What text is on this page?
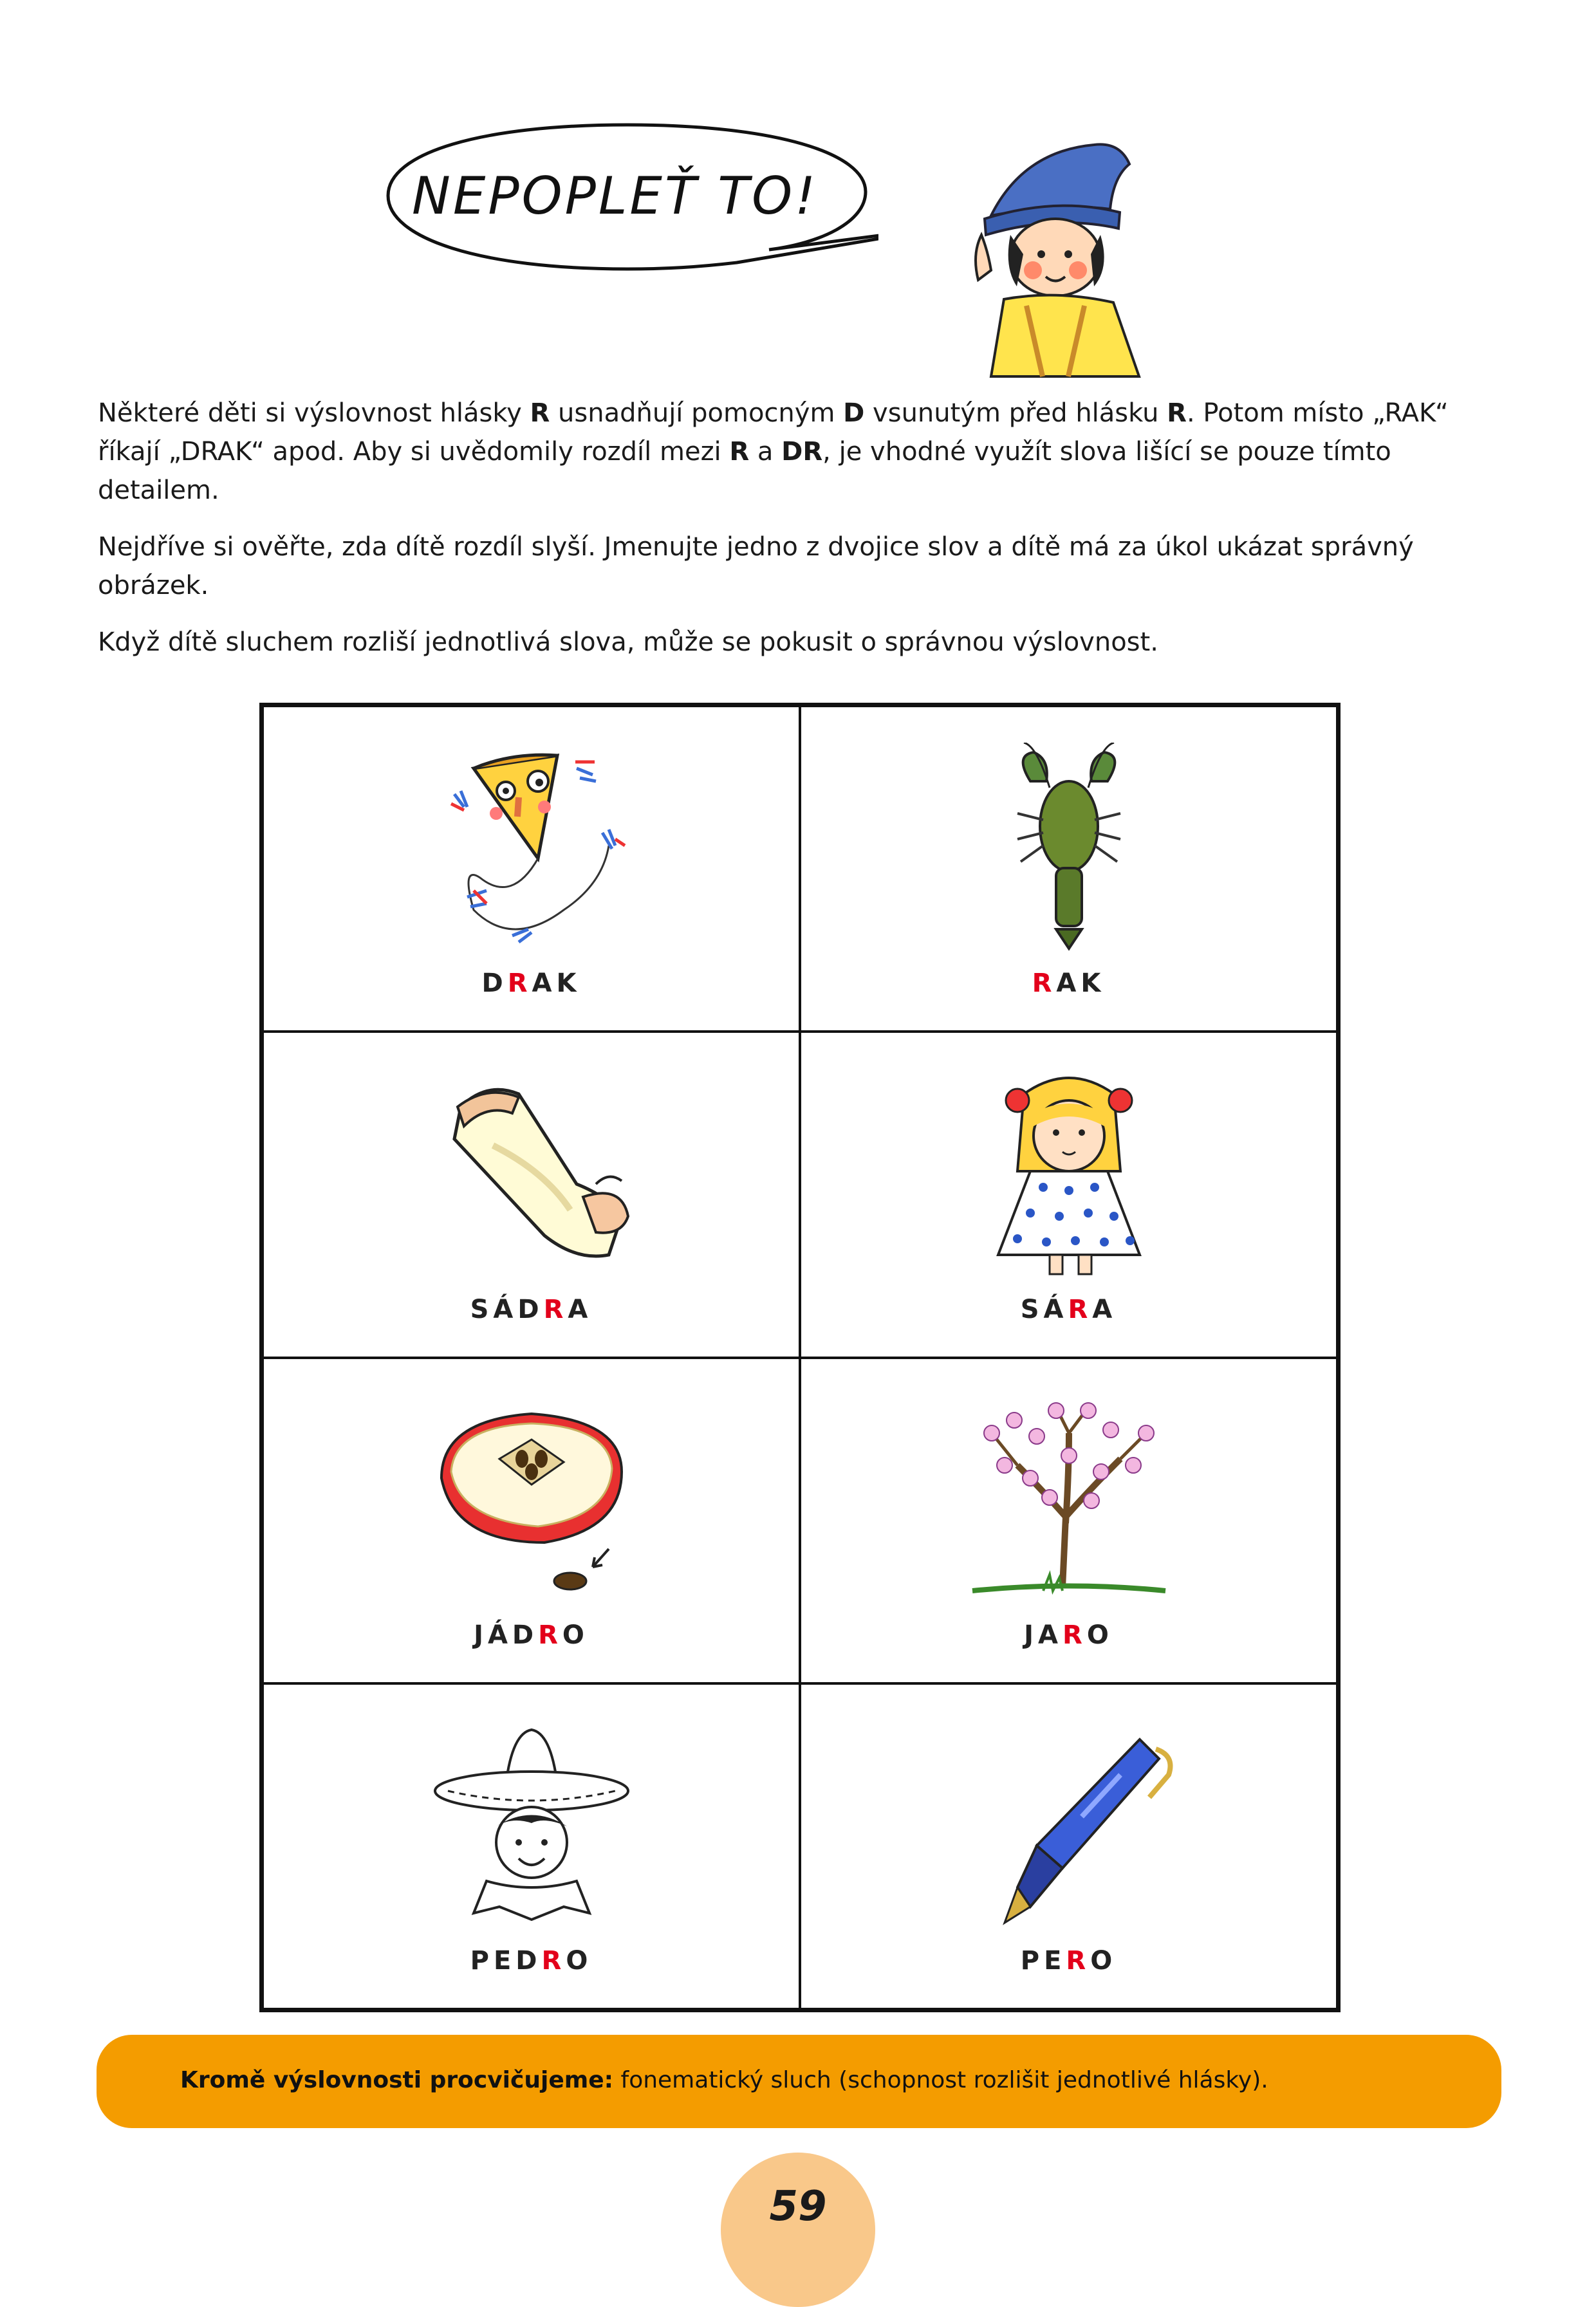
NEPOPLEŤ TO!

Některé děti si výslovnost hlásky R usnadňují pomocným D vsunutým před hlásku R. Potom místo „RAK“ říkají „DRAK“ apod. Aby si uvědomily rozdíl mezi R a DR, je vhodné využít slova lišící se pouze tímto detailem.

Nejdříve si ověřte, zda dítě rozdíl slyší. Jmenujte jedno z dvojice slov a dítě má za úkol ukázat správný obrázek.

Když dítě sluchem rozliší jednotlivá slova, může se pokusit o správnou výslovnost.

DRAK	RAK
SÁDRA	SÁRA
JÁDRO	JARO
PEDRO	PERO
Kromě výslovnosti procvičujeme: fonematický sluch (schopnost rozlišit jednotlivé hlásky).
59
